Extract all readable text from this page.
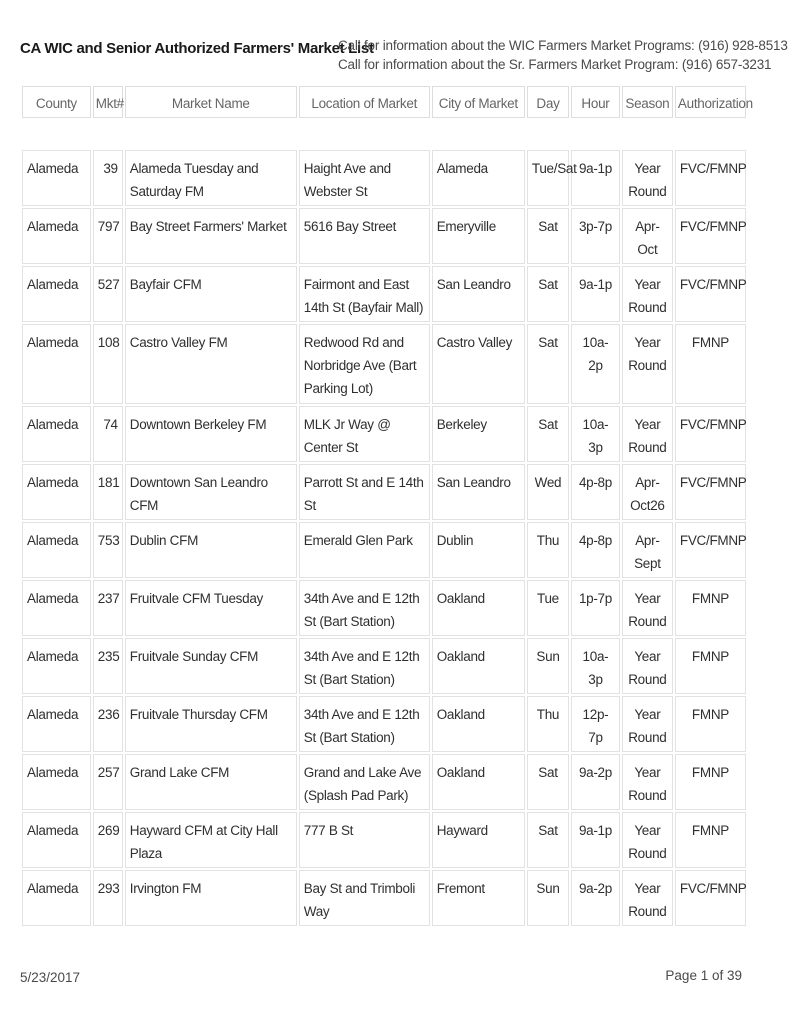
CA WIC and Senior Authorized Farmers' Market List
Call for information about the WIC Farmers Market Programs: (916) 928-8513
Call for information about the Sr. Farmers Market Program: (916) 657-3231
County	Mkt#	Market Name	Location of Market	City of Market	Day	Hour	Season	Authorization

Alameda	39	Alameda Tuesday and Saturday FM	Haight Ave and Webster St	Alameda	Tue/Sat	9a-1p	Year Round	FVC/FMNP
Alameda	797	Bay Street Farmers' Market	5616 Bay Street	Emeryville	Sat	3p-7p	Apr-Oct	FVC/FMNP
Alameda	527	Bayfair CFM	Fairmont and East 14th St (Bayfair Mall)	San Leandro	Sat	9a-1p	Year Round	FVC/FMNP
Alameda	108	Castro Valley FM	Redwood Rd and Norbridge Ave (Bart Parking Lot)	Castro Valley	Sat	10a-2p	Year Round	FMNP
Alameda	74	Downtown Berkeley FM	MLK Jr Way @ Center St	Berkeley	Sat	10a-3p	Year Round	FVC/FMNP
Alameda	181	Downtown San Leandro CFM	Parrott St and E 14th St	San Leandro	Wed	4p-8p	Apr-Oct26	FVC/FMNP
Alameda	753	Dublin CFM	Emerald Glen Park	Dublin	Thu	4p-8p	Apr-Sept	FVC/FMNP
Alameda	237	Fruitvale CFM Tuesday	34th Ave and E 12th St (Bart Station)	Oakland	Tue	1p-7p	Year Round	FMNP
Alameda	235	Fruitvale Sunday CFM	34th Ave and E 12th St (Bart Station)	Oakland	Sun	10a-3p	Year Round	FMNP
Alameda	236	Fruitvale Thursday CFM	34th Ave and E 12th St (Bart Station)	Oakland	Thu	12p-7p	Year Round	FMNP
Alameda	257	Grand Lake CFM	Grand and Lake Ave (Splash Pad Park)	Oakland	Sat	9a-2p	Year Round	FMNP
Alameda	269	Hayward CFM at City Hall Plaza	777 B St	Hayward	Sat	9a-1p	Year Round	FMNP
Alameda	293	Irvington FM	Bay St and Trimboli Way	Fremont	Sun	9a-2p	Year Round	FVC/FMNP
5/23/2017	Page 1 of 39
